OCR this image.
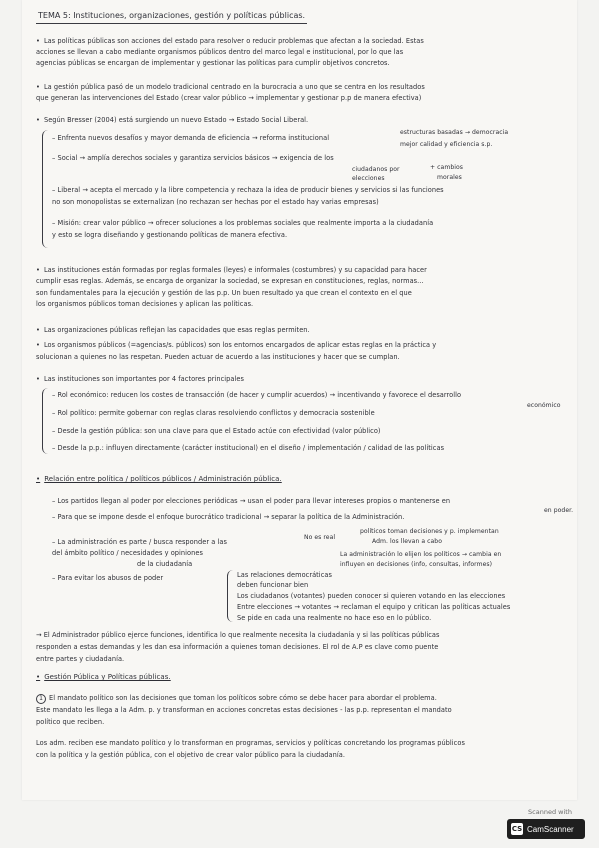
TEMA 5: Instituciones, organizaciones, gestión y políticas públicas.
• Las políticas públicas son acciones del estado para resolver o reducir problemas que afectan a la sociedad. Estas
acciones se llevan a cabo mediante organismos públicos dentro del marco legal e institucional, por lo que las
agencias públicas se encargan de implementar y gestionar las políticas para cumplir objetivos concretos.
• La gestión pública pasó de un modelo tradicional centrado en la burocracia a uno que se centra en los resultados
que generan las intervenciones del Estado (crear valor público → implementar y gestionar p.p de manera efectiva)
• Según Bresser (2004) está surgiendo un nuevo Estado → Estado Social Liberal.
– Enfrenta nuevos desafíos y mayor demanda de eficiencia → reforma institucional
– Social → amplía derechos sociales y garantiza servicios básicos → exigencia de los
– Liberal → acepta el mercado y la libre competencia y rechaza la idea de producir bienes y servicios si las funciones
no son monopolistas se externalizan (no rechazan ser hechas por el estado hay varias empresas)
– Misión: crear valor público → ofrecer soluciones a los problemas sociales que realmente importa a la ciudadanía
y esto se logra diseñando y gestionando políticas de manera efectiva.
estructuras basadas → democracia
mejor calidad y eficiencia s.p.
ciudadanos por
elecciones
+ cambios
morales
• Las instituciones están formadas por reglas formales (leyes) e informales (costumbres) y su capacidad para hacer
cumplir esas reglas. Además, se encarga de organizar la sociedad, se expresan en constituciones, reglas, normas...
son fundamentales para la ejecución y gestión de las p.p. Un buen resultado ya que crean el contexto en el que
los organismos públicos toman decisiones y aplican las políticas.
• Las organizaciones públicas reflejan las capacidades que esas reglas permiten.
• Los organismos públicos (=agencias/s. públicos) son los entornos encargados de aplicar estas reglas en la práctica y
solucionan a quienes no las respetan. Pueden actuar de acuerdo a las instituciones y hacer que se cumplan.
• Las instituciones son importantes por 4 factores principales
– Rol económico: reducen los costes de transacción (de hacer y cumplir acuerdos) → incentivando y favorece el desarrollo
– Rol político: permite gobernar con reglas claras resolviendo conflictos y democracia sostenible
– Desde la gestión pública: son una clave para que el Estado actúe con efectividad (valor público)
– Desde la p.p.: influyen directamente (carácter institucional) en el diseño / implementación / calidad de las políticas
económico
• Relación entre política / políticos públicos / Administración pública.
– Los partidos llegan al poder por elecciones periódicas → usan el poder para llevar intereses propios o mantenerse en
– Para que se impone desde el enfoque burocrático tradicional → separar la política de la Administración.
– La administración es parte / busca responder a las
del ámbito político / necesidades y opiniones
de la ciudadanía
– Para evitar los abusos de poder
en poder.
No es real
políticos toman decisiones y p. implementan
Adm. los llevan a cabo
La administración lo elijen los políticos → cambia en
influyen en decisiones (info, consultas, informes)
Las relaciones democráticas
deben funcionar bien
Los ciudadanos (votantes) pueden conocer si quieren votando en las elecciones
Entre elecciones → votantes → reclaman el equipo y critican las políticas actuales
Se pide en cada una realmente no hace eso en lo público.
→ El Administrador público ejerce funciones, identifica lo que realmente necesita la ciudadanía y si las políticas públicas
responden a estas demandas y les dan esa información a quienes toman decisiones. El rol de A.P es clave como puente
entre partes y ciudadanía.
• Gestión Pública y Políticas públicas.
1 El mandato político son las decisiones que toman los políticos sobre cómo se debe hacer para abordar el problema.
Este mandato les llega a la Adm. p. y transforman en acciones concretas estas decisiones - las p.p. representan el mandato
político que reciben.
Los adm. reciben ese mandato político y lo transforman en programas, servicios y políticas concretando los programas públicos
con la política y la gestión pública, con el objetivo de crear valor público para la ciudadanía.
Scanned with
CS CamScanner
